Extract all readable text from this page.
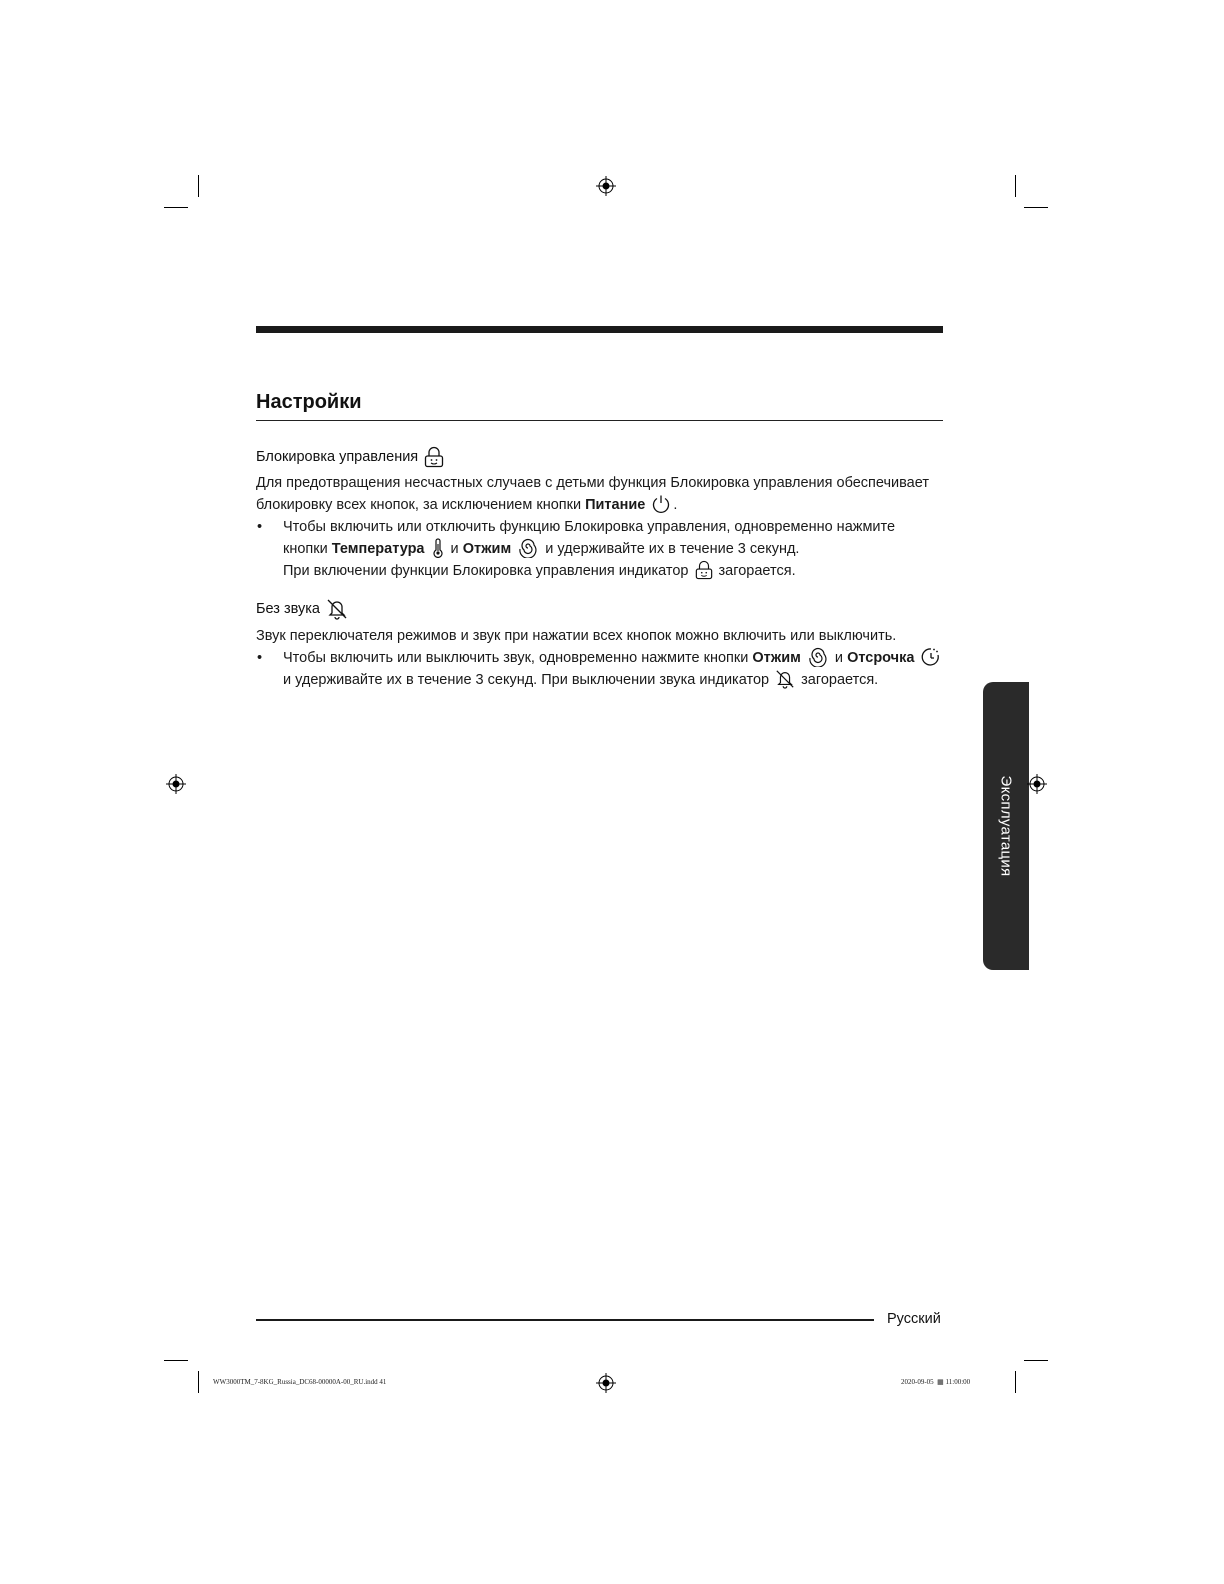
Настройки
Блокировка управления
Для предотвращения несчастных случаев с детьми функция Блокировка управления обеспечивает
блокировку всех кнопок, за исключением кнопки Питание .
• Чтобы включить или отключить функцию Блокировка управления, одновременно нажмите
кнопки Температура  и Отжим  и удерживайте их в течение 3 секунд.
При включении функции Блокировка управления индикатор  загорается.
Без звука
Звук переключателя режимов и звук при нажатии всех кнопок можно включить или выключить.
• Чтобы включить или выключить звук, одновременно нажмите кнопки Отжим  и Отсрочка
и удерживайте их в течение 3 секунд. При выключении звука индикатор  загорается.
Эксплуатация
Русский
WW3000TM_7-8KG_Russia_DC68-00000A-00_RU.indd 41	2020-09-05  ▦ 11:00:00
